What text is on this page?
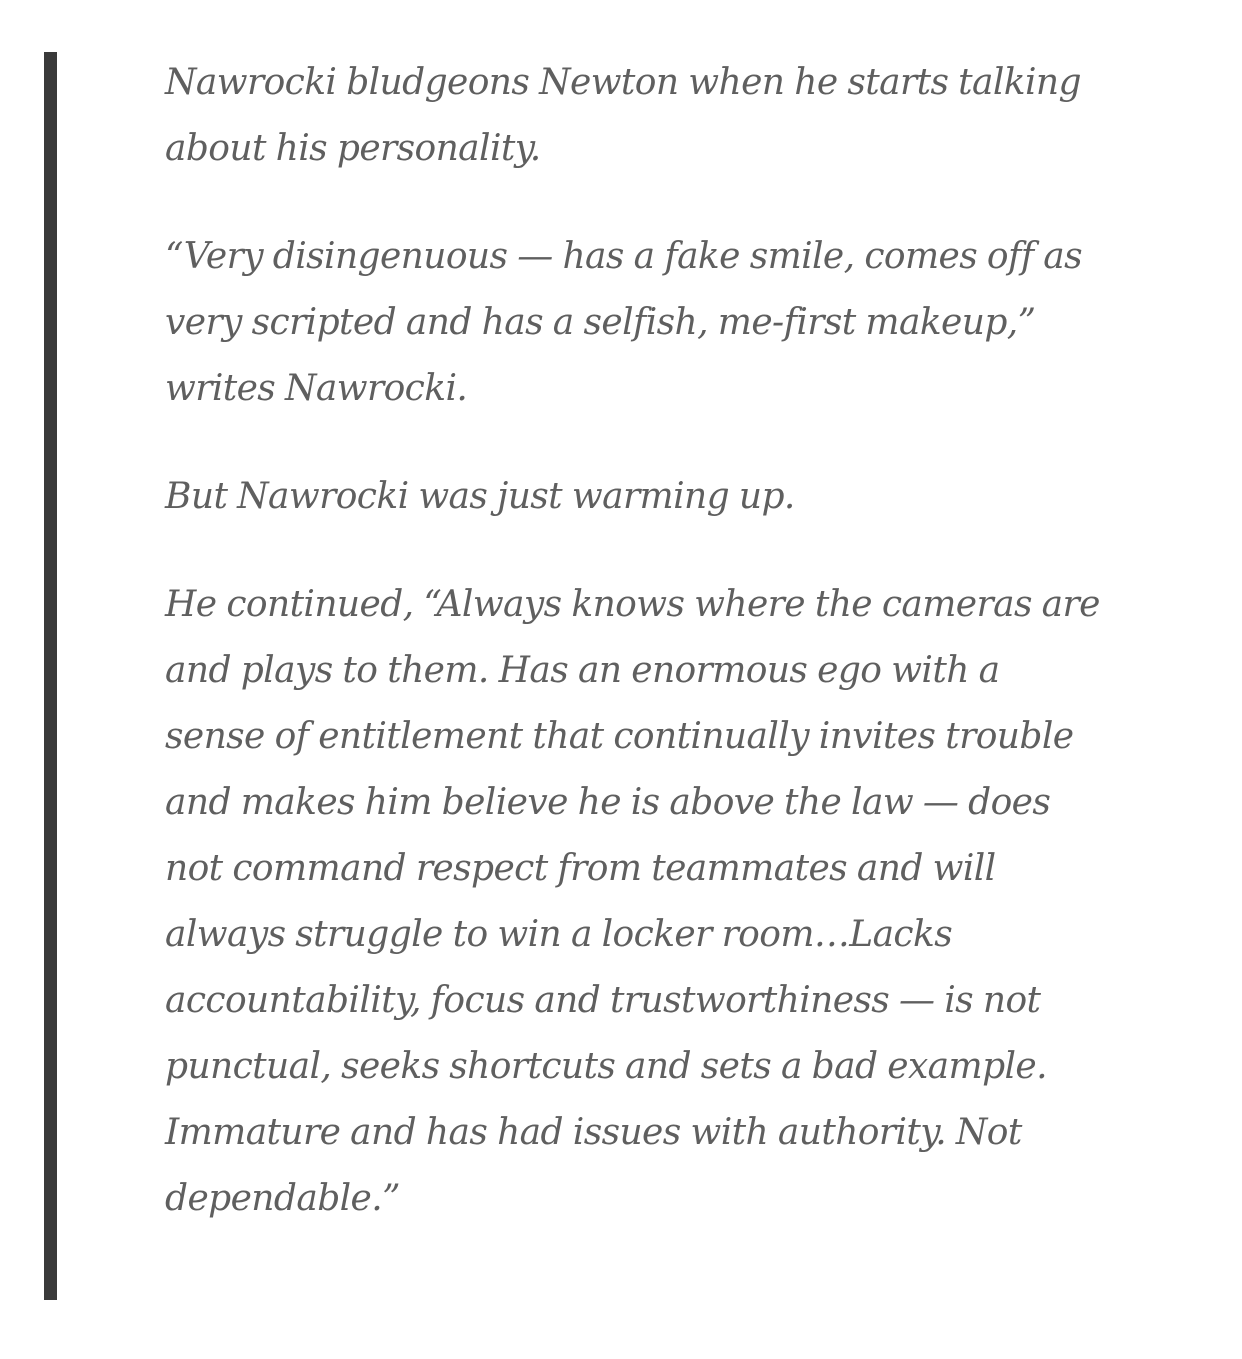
Nawrocki bludgeons Newton when he starts talking about his personality.

“Very disingenuous — has a fake smile, comes off as very scripted and has a selfish, me-first makeup,” writes Nawrocki.

But Nawrocki was just warming up.

He continued, “Always knows where the cameras are and plays to them. Has an enormous ego with a sense of entitlement that continually invites trouble and makes him believe he is above the law — does not command respect from teammates and will always struggle to win a locker room…Lacks accountability, focus and trustworthiness — is not punctual, seeks shortcuts and sets a bad example. Immature and has had issues with authority. Not dependable.”
